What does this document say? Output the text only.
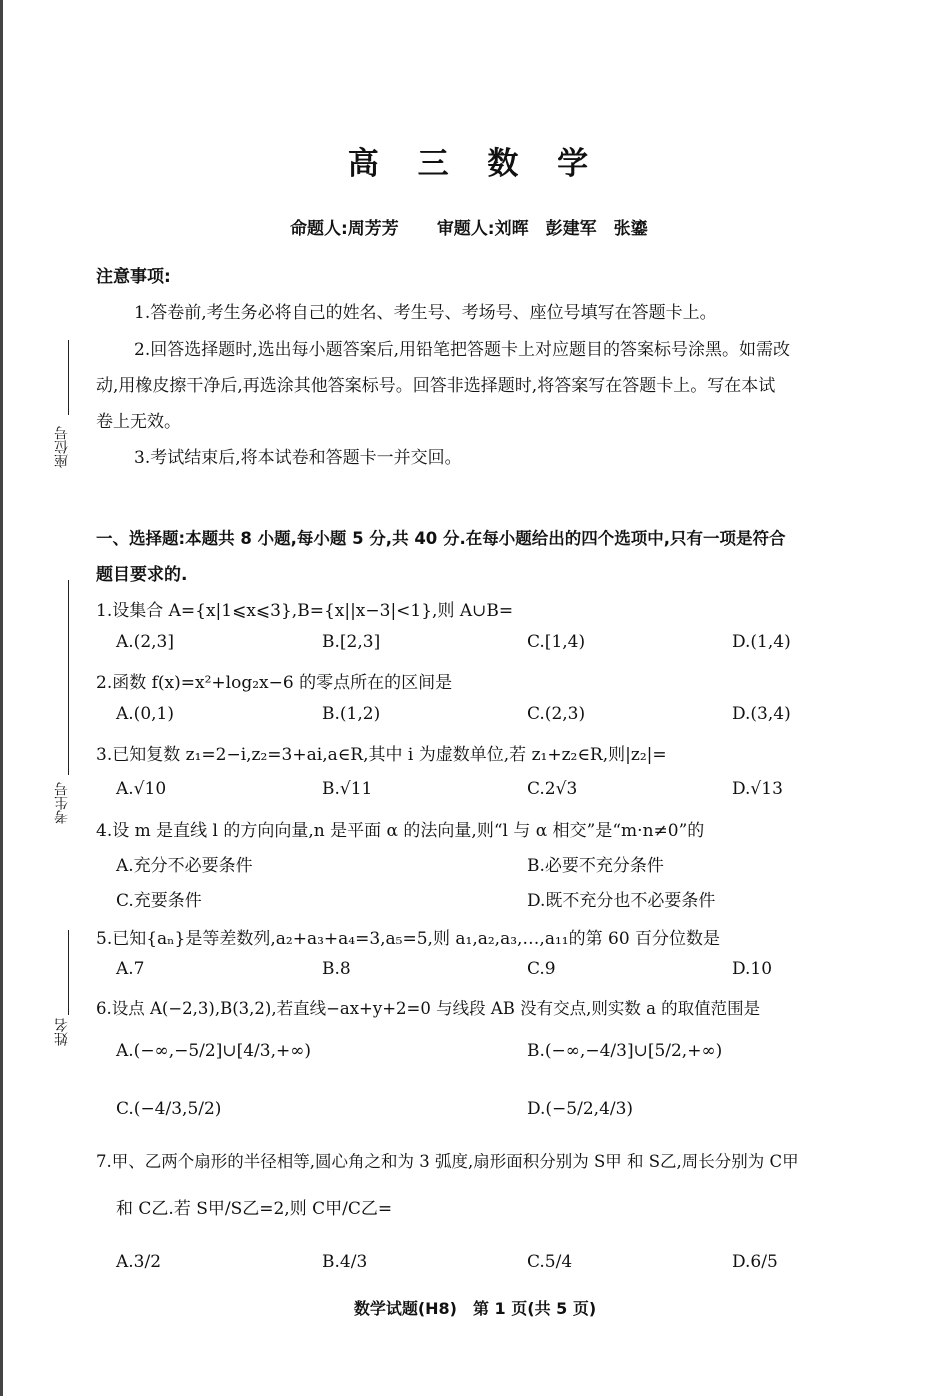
座位号
考生号
姓名
高 三 数 学
命题人:周芳芳 审题人:刘晖　彭建军　张鎏
注意事项:
1.答卷前,考生务必将自己的姓名、考生号、考场号、座位号填写在答题卡上。
2.回答选择题时,选出每小题答案后,用铅笔把答题卡上对应题目的答案标号涂黑。如需改
动,用橡皮擦干净后,再选涂其他答案标号。回答非选择题时,将答案写在答题卡上。写在本试
卷上无效。
3.考试结束后,将本试卷和答题卡一并交回。
一、选择题:本题共 8 小题,每小题 5 分,共 40 分.在每小题给出的四个选项中,只有一项是符合
题目要求的.
1.设集合 A={x|1⩽x⩽3},B={x||x−3|<1},则 A∪B=
A.(2,3]	B.[2,3]	C.[1,4)	D.(1,4)
2.函数 f(x)=x²+log₂x−6 的零点所在的区间是
A.(0,1)	B.(1,2)	C.(2,3)	D.(3,4)
3.已知复数 z₁=2−i,z₂=3+ai,a∈R,其中 i 为虚数单位,若 z₁+z₂∈R,则|z₂|=
A.√10	B.√11	C.2√3	D.√13
4.设 m 是直线 l 的方向向量,n 是平面 α 的法向量,则“l 与 α 相交”是“m·n≠0”的
A.充分不必要条件	B.必要不充分条件
C.充要条件	D.既不充分也不必要条件
5.已知{aₙ}是等差数列,a₂+a₃+a₄=3,a₅=5,则 a₁,a₂,a₃,…,a₁₁的第 60 百分位数是
A.7	B.8	C.9	D.10
6.设点 A(−2,3),B(3,2),若直线−ax+y+2=0 与线段 AB 没有交点,则实数 a 的取值范围是
A.(−∞,−5/2]∪[4/3,+∞)	B.(−∞,−4/3]∪[5/2,+∞)
C.(−4/3,5/2)	D.(−5/2,4/3)
7.甲、乙两个扇形的半径相等,圆心角之和为 3 弧度,扇形面积分别为 S甲 和 S乙,周长分别为 C甲
和 C乙.若 S甲/S乙=2,则 C甲/C乙=
A.3/2	B.4/3	C.5/4	D.6/5
数学试题(H8)　第 1 页(共 5 页)
